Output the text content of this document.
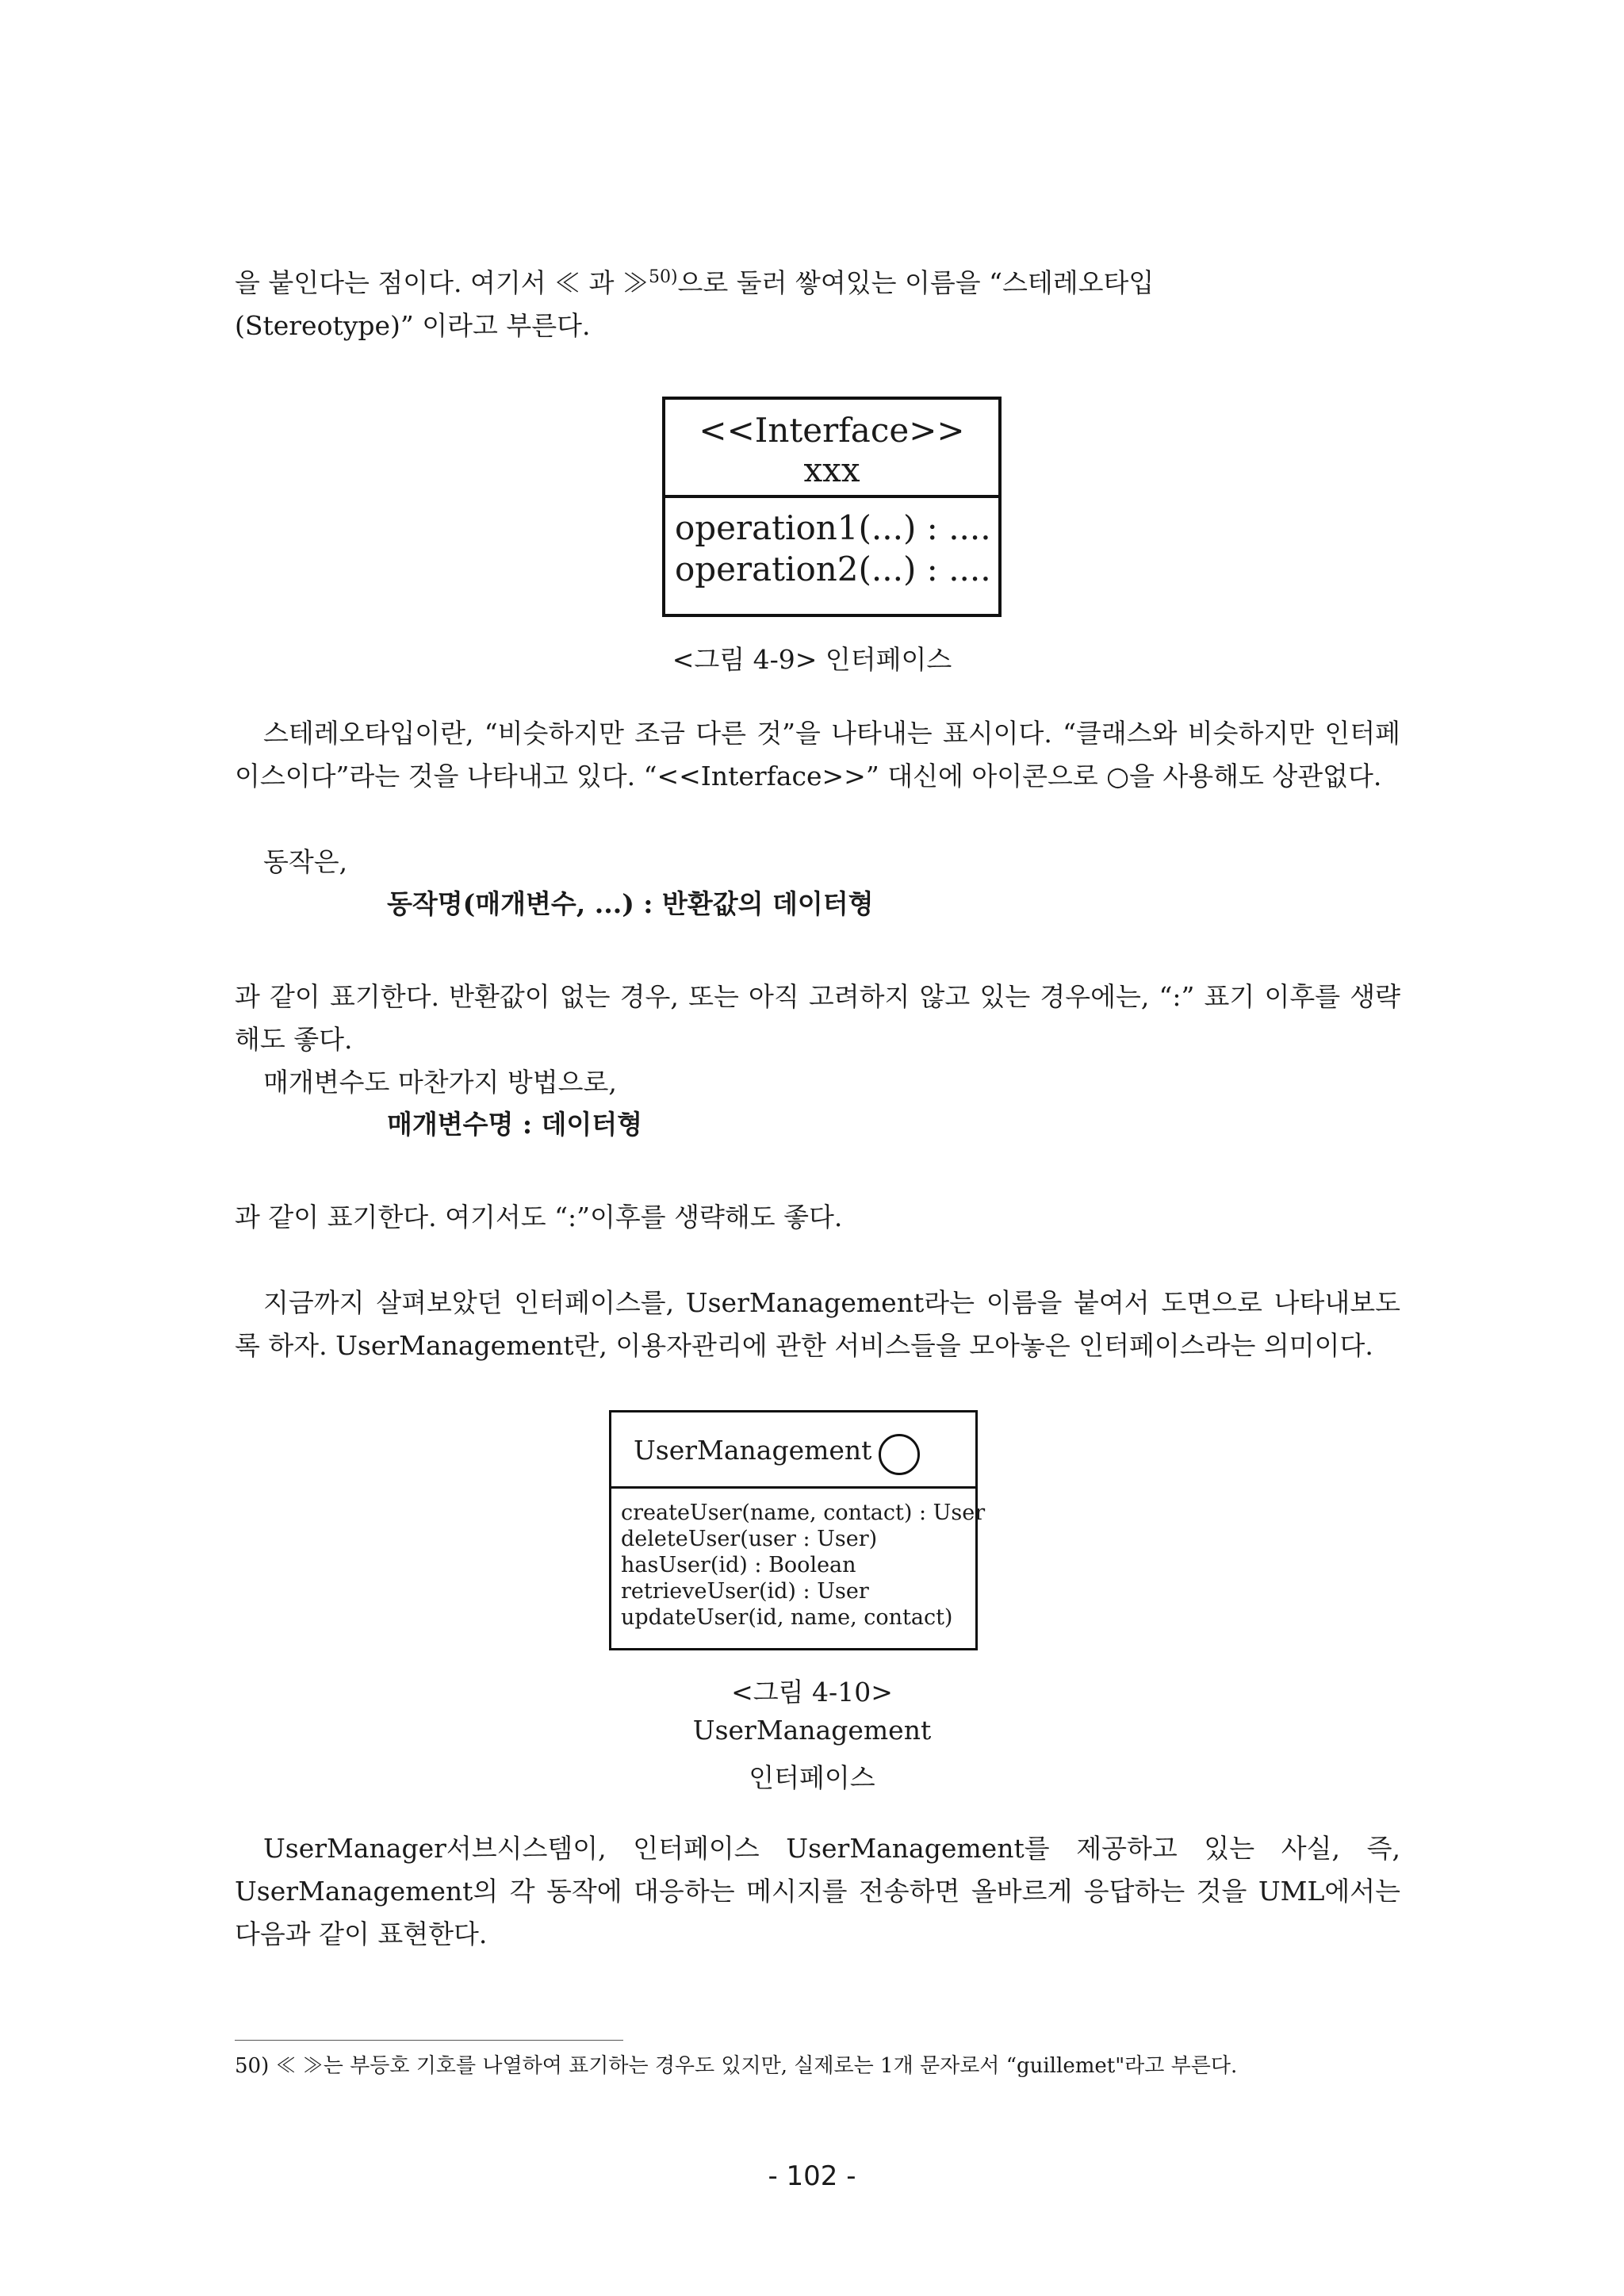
을 붙인다는 점이다. 여기서 ≪ 과 ≫$^{50)}$으로 둘러 쌓여있는 이름을 “스테레오타입
(Stereotype)” 이라고 부른다.

<<Interface>>
xxx
operation1(...) : ....
operation2(...) : ....

<그림 4-9> 인터페이스

스테레오타입이란, “비슷하지만 조금 다른 것”을 나타내는 표시이다. “클래스와 비슷하지만 인터페이스이다”라는 것을 나타내고 있다. “<<Interface>>” 대신에 아이콘으로 ○을 사용해도 상관없다.

동작은,

동작명(매개변수, ...) : 반환값의 데이터형

과 같이 표기한다. 반환값이 없는 경우, 또는 아직 고려하지 않고 있는 경우에는, “:” 표기 이후를 생략해도 좋다.

매개변수도 마찬가지 방법으로,

매개변수명 : 데이터형

과 같이 표기한다. 여기서도 “:”이후를 생략해도 좋다.

지금까지 살펴보았던 인터페이스를, UserManagement라는 이름을 붙여서 도면으로 나타내보도록 하자. UserManagement란, 이용자관리에 관한 서비스들을 모아놓은 인터페이스라는 의미이다.

UserManagement
createUser(name, contact) : User
deleteUser(user : User)
hasUser(id) : Boolean
retrieveUser(id) : User
updateUser(id, name, contact)

<그림 4-10>

UserManagement

인터페이스

UserManager서브시스템이, 인터페이스 UserManagement를 제공하고 있는 사실, 즉, UserManagement의 각 동작에 대응하는 메시지를 전송하면 올바르게 응답하는 것을 UML에서는 다음과 같이 표현한다.

50) ≪ ≫는 부등호 기호를 나열하여 표기하는 경우도 있지만, 실제로는 1개 문자로서 “guillemet"라고 부른다.

- 102 -
